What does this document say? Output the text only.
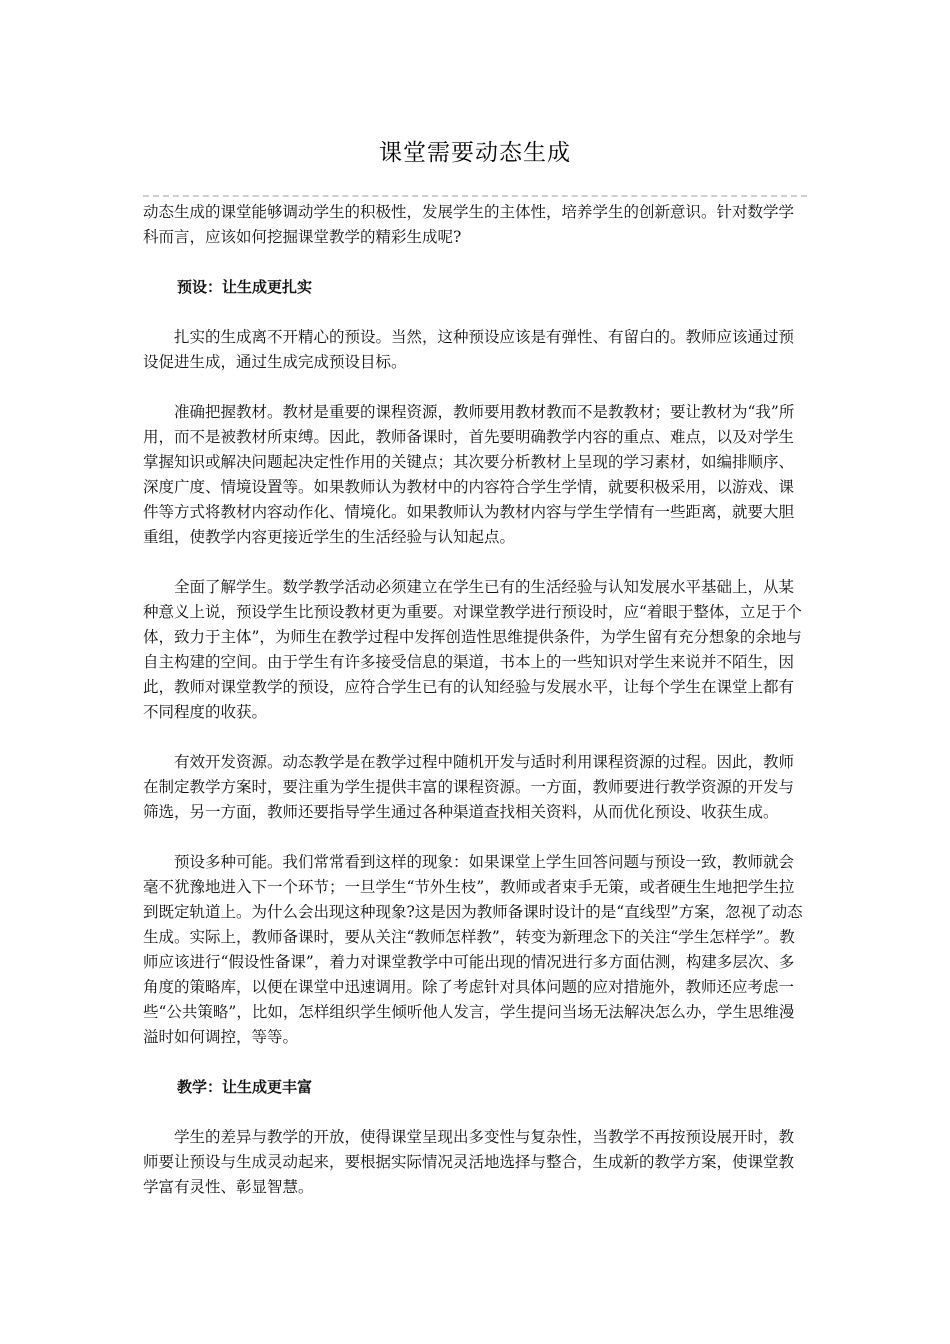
课堂需要动态生成

动态生成的课堂能够调动学生的积极性，发展学生的主体性，培养学生的创新意识。针对数学学科而言，应该如何挖掘课堂教学的精彩生成呢?

预设：让生成更扎实

扎实的生成离不开精心的预设。当然，这种预设应该是有弹性、有留白的。教师应该通过预设促进生成，通过生成完成预设目标。

准确把握教材。教材是重要的课程资源，教师要用教材教而不是教教材；要让教材为“我”所用，而不是被教材所束缚。因此，教师备课时，首先要明确教学内容的重点、难点，以及对学生掌握知识或解决问题起决定性作用的关键点；其次要分析教材上呈现的学习素材，如编排顺序、深度广度、情境设置等。如果教师认为教材中的内容符合学生学情，就要积极采用，以游戏、课件等方式将教材内容动作化、情境化。如果教师认为教材内容与学生学情有一些距离，就要大胆重组，使教学内容更接近学生的生活经验与认知起点。

全面了解学生。数学教学活动必须建立在学生已有的生活经验与认知发展水平基础上，从某种意义上说，预设学生比预设教材更为重要。对课堂教学进行预设时，应“着眼于整体，立足于个体，致力于主体”，为师生在教学过程中发挥创造性思维提供条件，为学生留有充分想象的余地与自主构建的空间。由于学生有许多接受信息的渠道，书本上的一些知识对学生来说并不陌生，因此，教师对课堂教学的预设，应符合学生已有的认知经验与发展水平，让每个学生在课堂上都有不同程度的收获。

有效开发资源。动态教学是在教学过程中随机开发与适时利用课程资源的过程。因此，教师在制定教学方案时，要注重为学生提供丰富的课程资源。一方面，教师要进行教学资源的开发与筛选，另一方面，教师还要指导学生通过各种渠道查找相关资料，从而优化预设、收获生成。

预设多种可能。我们常常看到这样的现象：如果课堂上学生回答问题与预设一致，教师就会毫不犹豫地进入下一个环节；一旦学生“节外生枝”，教师或者束手无策，或者硬生生地把学生拉到既定轨道上。为什么会出现这种现象?这是因为教师备课时设计的是“直线型”方案，忽视了动态生成。实际上，教师备课时，要从关注“教师怎样教”，转变为新理念下的关注“学生怎样学”。教师应该进行“假设性备课”，着力对课堂教学中可能出现的情况进行多方面估测，构建多层次、多角度的策略库，以便在课堂中迅速调用。除了考虑针对具体问题的应对措施外，教师还应考虑一些“公共策略”，比如，怎样组织学生倾听他人发言，学生提问当场无法解决怎么办，学生思维漫溢时如何调控，等等。

教学：让生成更丰富

学生的差异与教学的开放，使得课堂呈现出多变性与复杂性，当教学不再按预设展开时，教师要让预设与生成灵动起来，要根据实际情况灵活地选择与整合，生成新的教学方案，使课堂教学富有灵性、彰显智慧。
